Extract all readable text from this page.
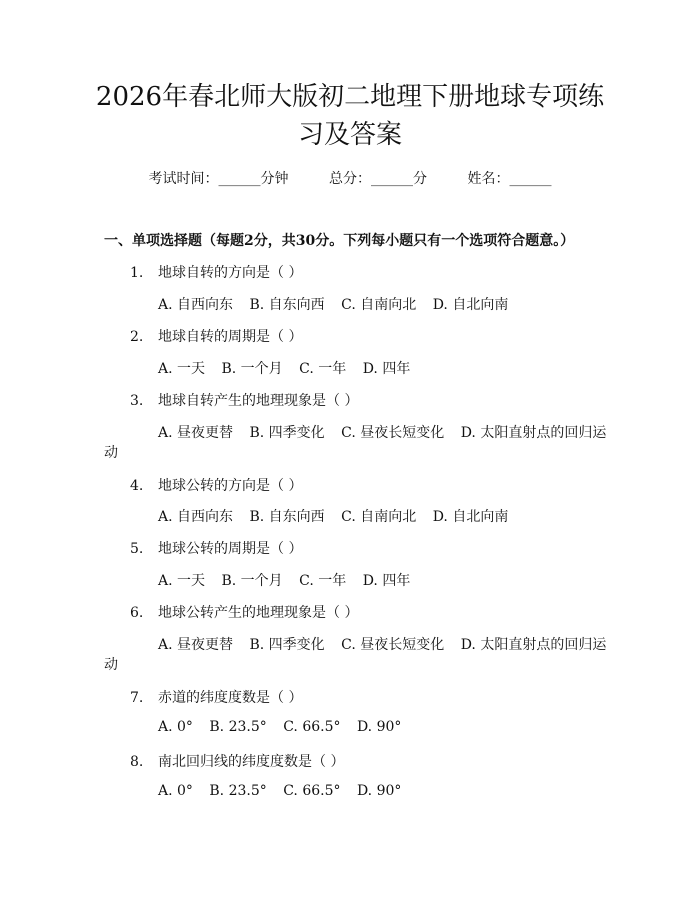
2026年春北师大版初二地理下册地球专项练习及答案
考试时间：______分钟	总分：______分	姓名：______
一、单项选择题（每题2分，共30分。下列每小题只有一个选项符合题意。）
1. 地球自转的方向是（ ）
A. 自西向东 B. 自东向西 C. 自南向北 D. 自北向南
2. 地球自转的周期是（ ）
A. 一天 B. 一个月 C. 一年 D. 四年
3. 地球自转产生的地理现象是（ ）
A. 昼夜更替 B. 四季变化 C. 昼夜长短变化 D. 太阳直射点的回归运
动
4. 地球公转的方向是（ ）
A. 自西向东 B. 自东向西 C. 自南向北 D. 自北向南
5. 地球公转的周期是（ ）
A. 一天 B. 一个月 C. 一年 D. 四年
6. 地球公转产生的地理现象是（ ）
A. 昼夜更替 B. 四季变化 C. 昼夜长短变化 D. 太阳直射点的回归运
动
7. 赤道的纬度度数是（ ）
A. 0° B. 23.5° C. 66.5° D. 90°
8. 南北回归线的纬度度数是（ ）
A. 0° B. 23.5° C. 66.5° D. 90°
